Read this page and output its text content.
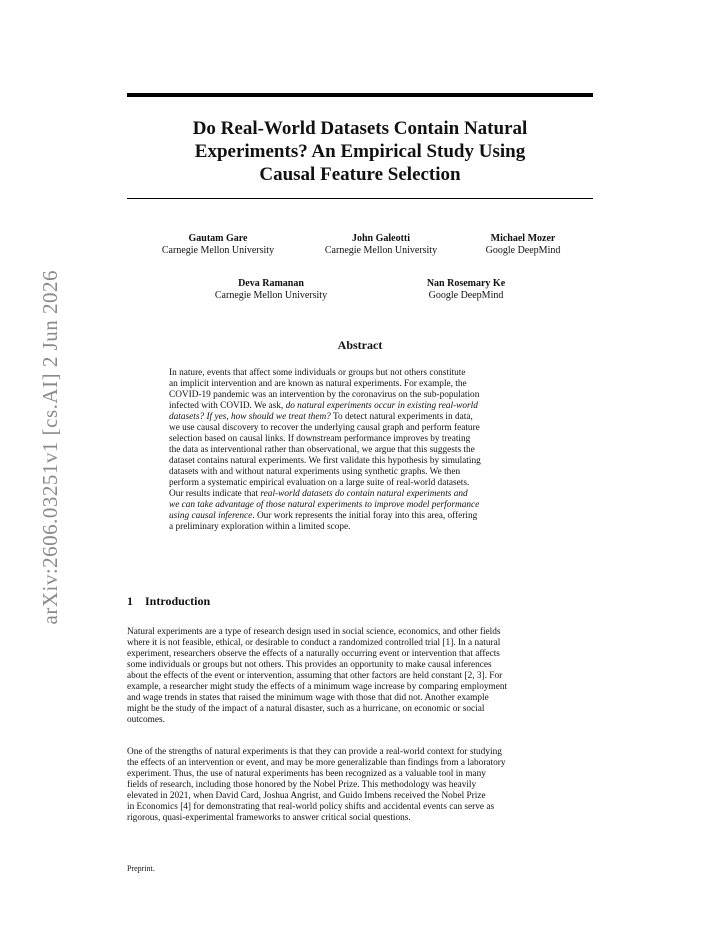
arXiv:2606.03251v1 [cs.AI] 2 Jun 2026
Do Real-World Datasets Contain Natural
Experiments? An Empirical Study Using
Causal Feature Selection
Gautam Gare
Carnegie Mellon University
John Galeotti
Carnegie Mellon University
Michael Mozer
Google DeepMind
Deva Ramanan
Carnegie Mellon University
Nan Rosemary Ke
Google DeepMind
Abstract
In nature, events that affect some individuals or groups but not others constitute
an implicit intervention and are known as natural experiments. For example, the
COVID-19 pandemic was an intervention by the coronavirus on the sub-population
infected with COVID. We ask, do natural experiments occur in existing real-world
datasets? If yes, how should we treat them? To detect natural experiments in data,
we use causal discovery to recover the underlying causal graph and perform feature
selection based on causal links. If downstream performance improves by treating
the data as interventional rather than observational, we argue that this suggests the
dataset contains natural experiments. We first validate this hypothesis by simulating
datasets with and without natural experiments using synthetic graphs. We then
perform a systematic empirical evaluation on a large suite of real-world datasets.
Our results indicate that real-world datasets do contain natural experiments and
we can take advantage of those natural experiments to improve model performance
using causal inference. Our work represents the initial foray into this area, offering
a preliminary exploration within a limited scope.
1 Introduction
Natural experiments are a type of research design used in social science, economics, and other fields
where it is not feasible, ethical, or desirable to conduct a randomized controlled trial [1]. In a natural
experiment, researchers observe the effects of a naturally occurring event or intervention that affects
some individuals or groups but not others. This provides an opportunity to make causal inferences
about the effects of the event or intervention, assuming that other factors are held constant [2, 3]. For
example, a researcher might study the effects of a minimum wage increase by comparing employment
and wage trends in states that raised the minimum wage with those that did not. Another example
might be the study of the impact of a natural disaster, such as a hurricane, on economic or social
outcomes.
One of the strengths of natural experiments is that they can provide a real-world context for studying
the effects of an intervention or event, and may be more generalizable than findings from a laboratory
experiment. Thus, the use of natural experiments has been recognized as a valuable tool in many
fields of research, including those honored by the Nobel Prize. This methodology was heavily
elevated in 2021, when David Card, Joshua Angrist, and Guido Imbens received the Nobel Prize
in Economics [4] for demonstrating that real-world policy shifts and accidental events can serve as
rigorous, quasi-experimental frameworks to answer critical social questions.
Preprint.
